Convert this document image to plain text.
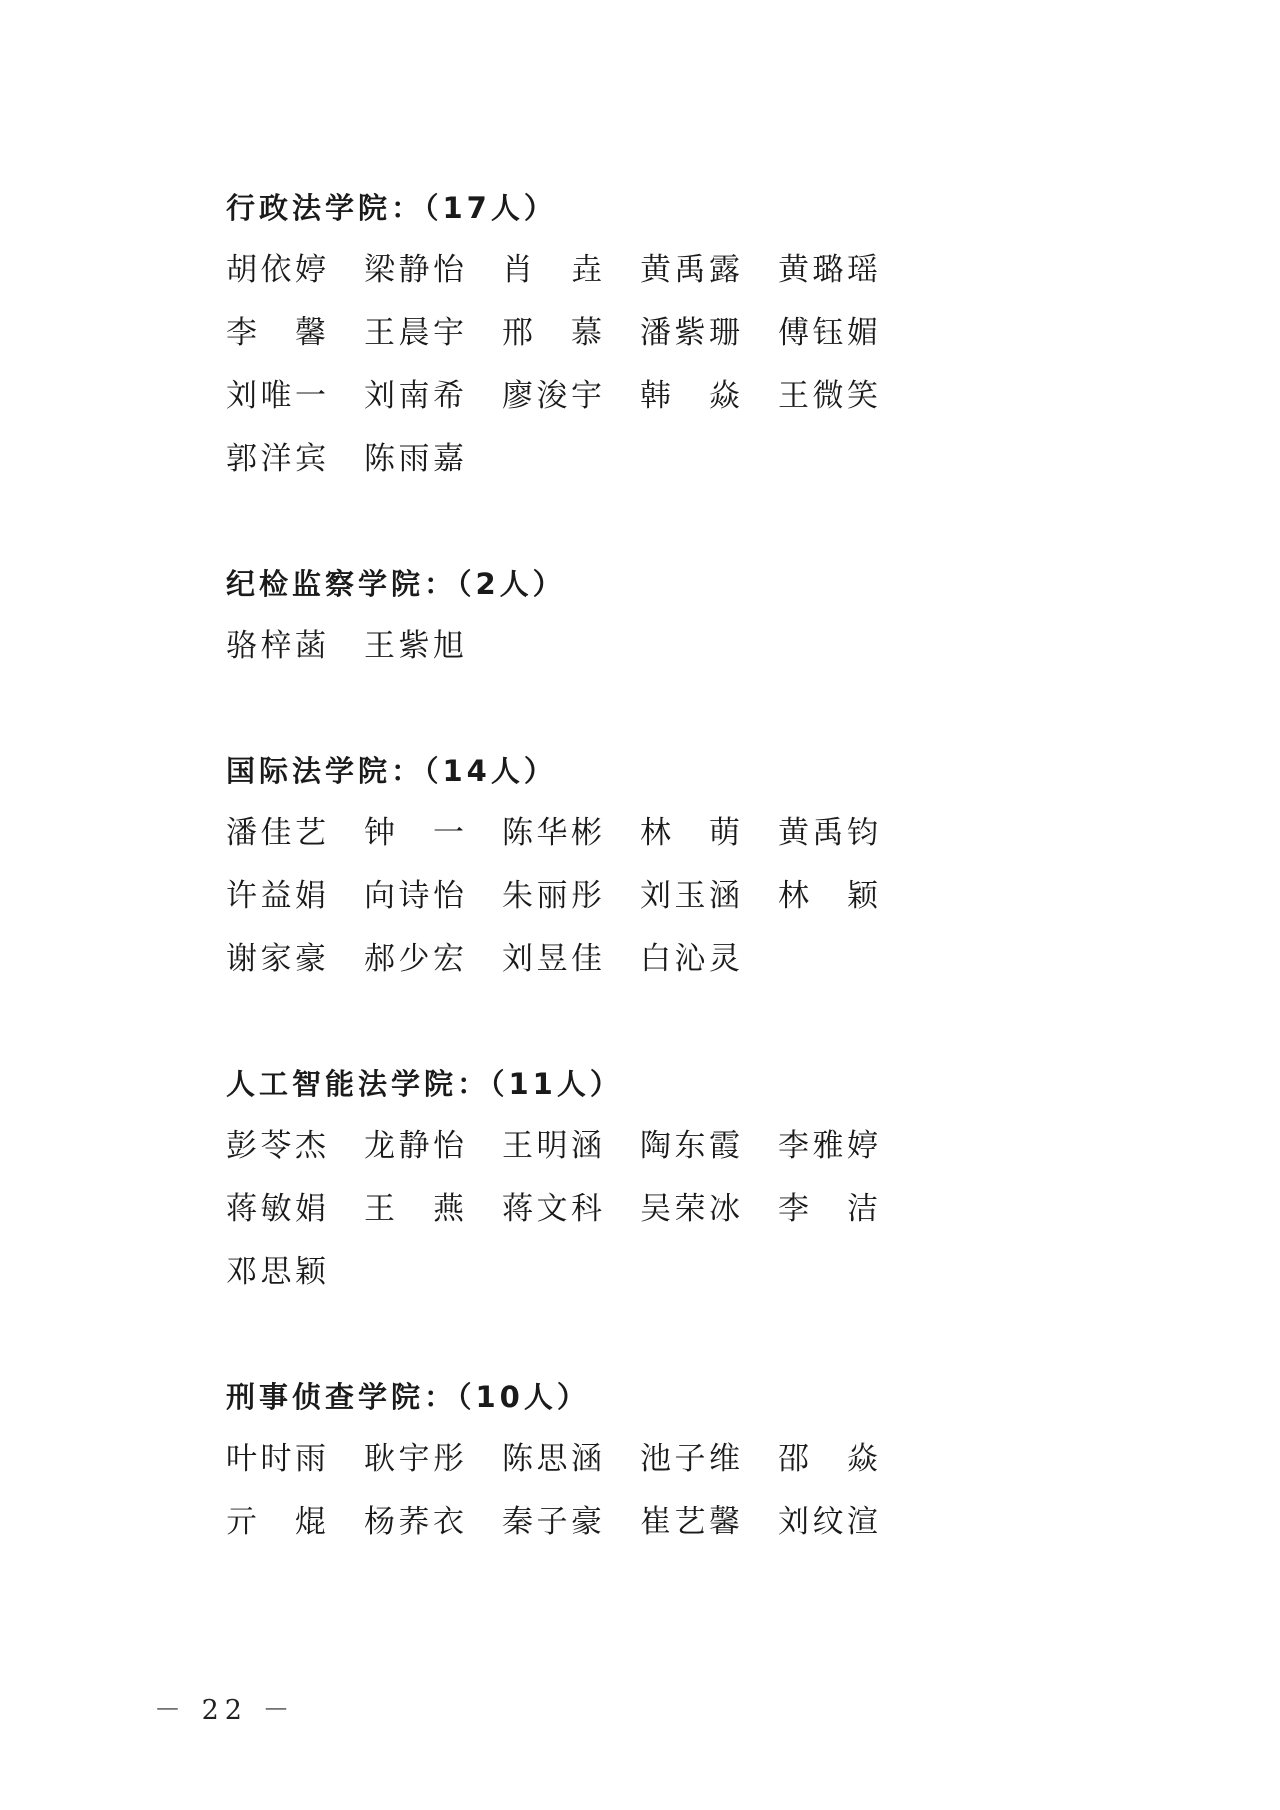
行政法学院：（17人）
胡 依 婷 梁 静 怡 肖
　 垚 黄 禹 露 黄 璐 瑶
李
　 馨 王 晨 宇 邢
　 慕 潘 紫 珊 傅 钰 媚
刘 唯 一 刘 南 希 廖 浚 宇 韩
　 焱 王 微 笑
郭 洋 宾 陈 雨 嘉
纪检监察学院：（2人）
骆 梓 菡 王 紫 旭
国际法学院：（14人）
潘 佳 艺 钟
　 一 陈 华 彬 林
　 萌 黄 禹 钧
许 益 娟 向 诗 怡 朱 丽 彤 刘 玉 涵 林
　 颖
谢 家 豪 郝 少 宏 刘 昱 佳 白 沁 灵
人工智能法学院：（11人）
彭 苓 杰 龙 静 怡 王 明 涵 陶 东 霞 李 雅 婷
蒋 敏 娟 王
　 燕 蒋 文 科 吴 荣 冰 李
　 洁
邓 思 颖
刑事侦查学院：（10人）
叶 时 雨 耿 宇 彤 陈 思 涵 池 子 维 邵
　 焱
亓
　 焜 杨 荞 衣 秦 子 豪 崔 艺 馨 刘 纹 渲
－ 22 －
